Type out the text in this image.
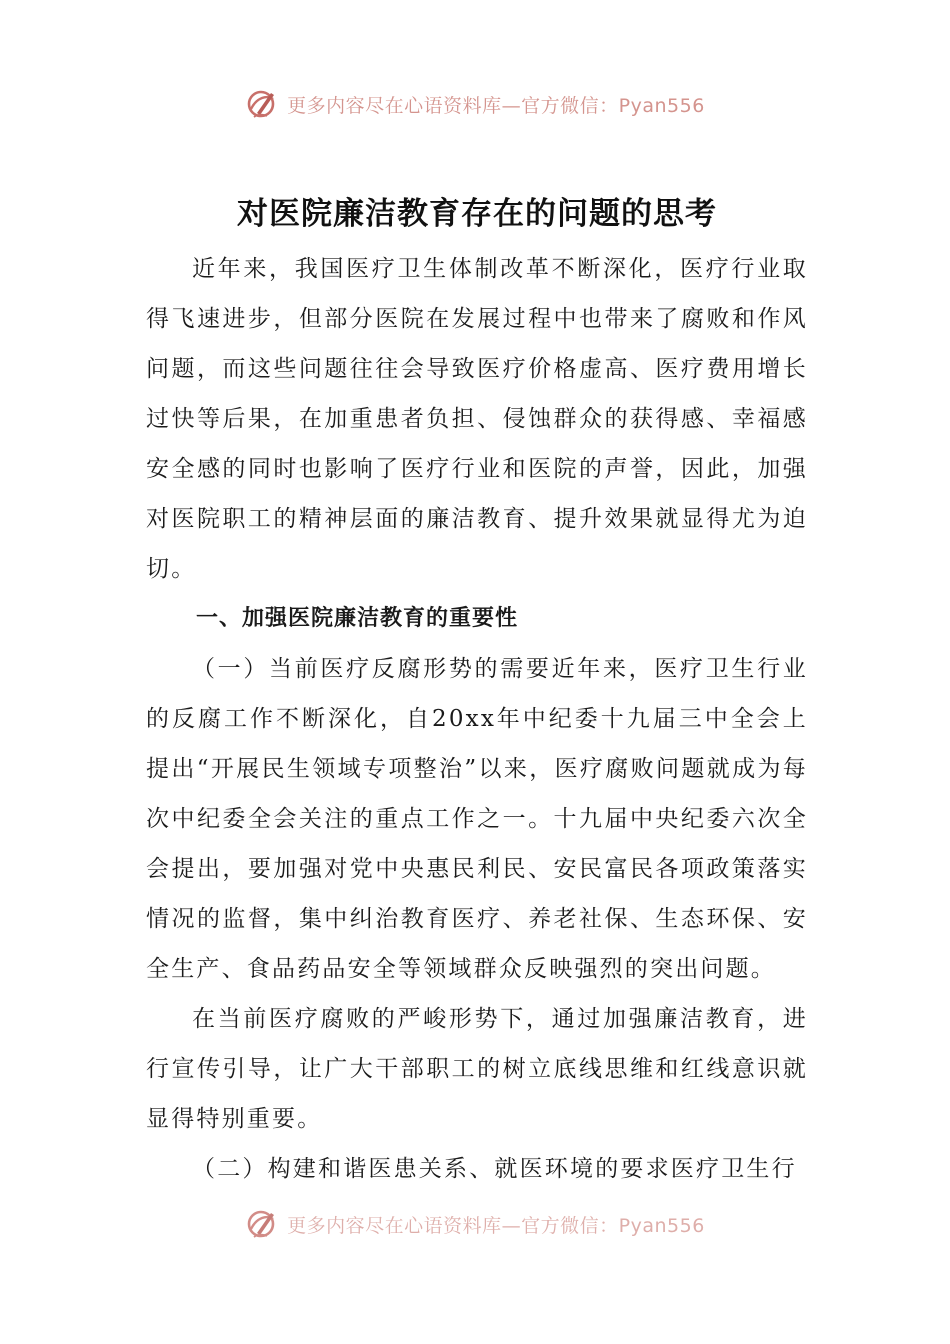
更多内容尽在心语资料库—官方微信：Pyan556
对医院廉洁教育存在的问题的思考

近年来，我国医疗卫生体制改革不断深化，医疗行业取得飞速进步，但部分医院在发展过程中也带来了腐败和作风问题，而这些问题往往会导致医疗价格虚高、医疗费用增长过快等后果，在加重患者负担、侵蚀群众的获得感、幸福感安全感的同时也影响了医疗行业和医院的声誉，因此，加强对医院职工的精神层面的廉洁教育、提升效果就显得尤为迫切。

一、加强医院廉洁教育的重要性

（一）当前医疗反腐形势的需要近年来，医疗卫生行业的反腐工作不断深化，自20xx年中纪委十九届三中全会上提出“开展民生领域专项整治”以来，医疗腐败问题就成为每次中纪委全会关注的重点工作之一。十九届中央纪委六次全会提出，要加强对党中央惠民利民、安民富民各项政策落实情况的监督，集中纠治教育医疗、养老社保、生态环保、安全生产、食品药品安全等领域群众反映强烈的突出问题。

在当前医疗腐败的严峻形势下，通过加强廉洁教育，进行宣传引导，让广大干部职工的树立底线思维和红线意识就显得特别重要。

（二）构建和谐医患关系、就医环境的要求医疗卫生行

更多内容尽在心语资料库—官方微信：Pyan556
